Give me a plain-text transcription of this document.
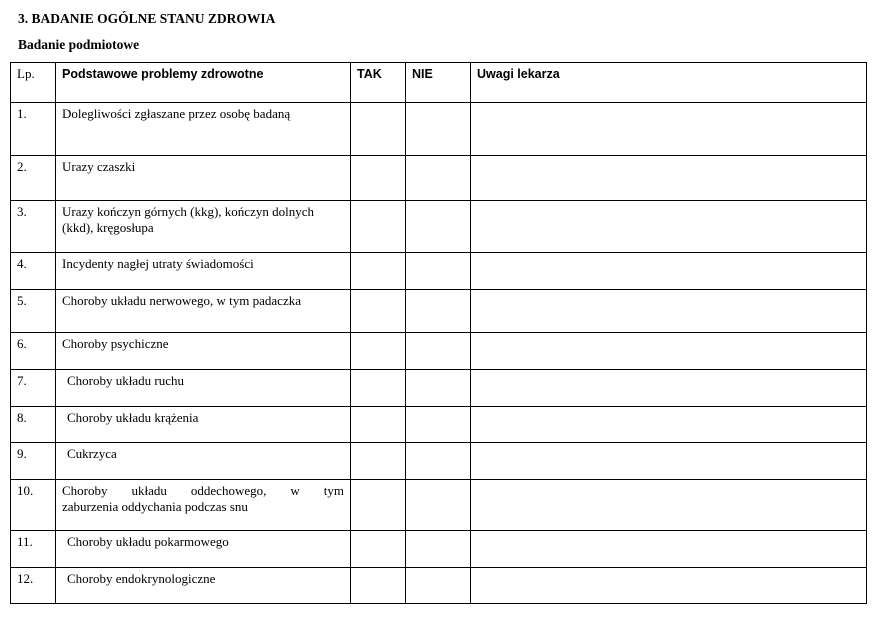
3. BADANIE OGÓLNE STANU ZDROWIA
Badanie podmiotowe
Lp.	Podstawowe problemy zdrowotne	TAK	NIE	Uwagi lekarza
1.	Dolegliwości zgłaszane przez osobę badaną			
2.	Urazy czaszki			
3.	Urazy kończyn górnych (kkg), kończyn dolnych (kkd), kręgosłupa			
4.	Incydenty nagłej utraty świadomości			
5.	Choroby układu nerwowego, w tym padaczka			
6.	Choroby psychiczne			
7.	Choroby układu ruchu			
8.	Choroby układu krążenia			
9.	Cukrzyca			
10.	Choroby układu oddechowego, w tym
zaburzenia oddychania podczas snu			
11.	Choroby układu pokarmowego			
12.	Choroby endokrynologiczne			
